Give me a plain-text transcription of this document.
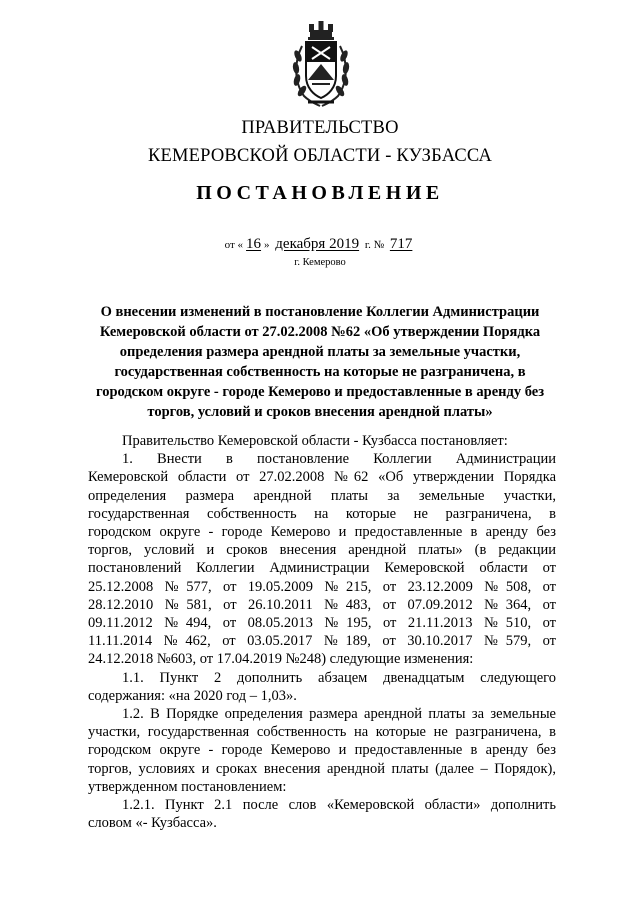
ПРАВИТЕЛЬСТВО
КЕМЕРОВСКОЙ ОБЛАСТИ - КУЗБАССА
ПОСТАНОВЛЕНИЕ
от « 16 » декабря 2019 г. № 717
г. Кемерово
О внесении изменений в постановление Коллегии Администрации
Кемеровской области от 27.02.2008 №62 «Об утверждении Порядка
определения размера арендной платы за земельные участки,
государственная собственность на которые не разграничена, в
городском округе - городе Кемерово и предоставленные в аренду без
торгов, условий и сроков внесения арендной платы»
Правительство Кемеровской области - Кузбасса постановляет:
1. Внести в постановление Коллегии Администрации
Кемеровской области от 27.02.2008 №62 «Об утверждении Порядка
определения размера арендной платы за земельные участки,
государственная собственность на которые не разграничена, в
городском округе - городе Кемерово и предоставленные в аренду без
торгов, условий и сроков внесения арендной платы» (в редакции
постановлений Коллегии Администрации Кемеровской области от
25.12.2008 №577, от 19.05.2009 №215, от 23.12.2009 №508, от
28.12.2010 №581, от 26.10.2011 №483, от 07.09.2012 №364, от
09.11.2012 №494, от 08.05.2013 №195, от 21.11.2013 №510, от
11.11.2014 №462, от 03.05.2017 №189, от 30.10.2017 №579, от
24.12.2018 №603, от 17.04.2019 №248) следующие изменения:
1.1. Пункт 2 дополнить абзацем двенадцатым следующего
содержания: «на 2020 год – 1,03».
1.2. В Порядке определения размера арендной платы за земельные
участки, государственная собственность на которые не разграничена, в
городском округе - городе Кемерово и предоставленные в аренду без
торгов, условиях и сроках внесения арендной платы (далее – Порядок),
утвержденном постановлением:
1.2.1. Пункт 2.1 после слов «Кемеровской области» дополнить
словом «- Кузбасса».
